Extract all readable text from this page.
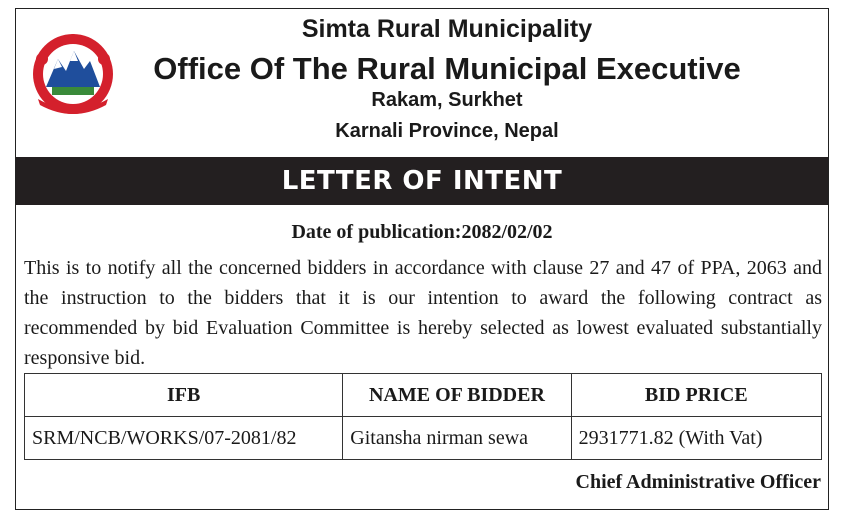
Simta Rural Municipality
Office Of The Rural Municipal Executive
Rakam, Surkhet
Karnali Province, Nepal
LETTER OF INTENT
Date of publication:2082/02/02

This is to notify all the concerned bidders in accordance with clause 27 and 47 of PPA, 2063 and the instruction to the bidders that it is our intention to award the following contract as recommended by bid Evaluation Committee is hereby selected as lowest evaluated substantially responsive bid.

IFB	NAME OF BIDDER	BID PRICE
SRM/NCB/WORKS/07-2081/82	Gitansha nirman sewa	2931771.82 (With Vat)
Chief Administrative Officer
